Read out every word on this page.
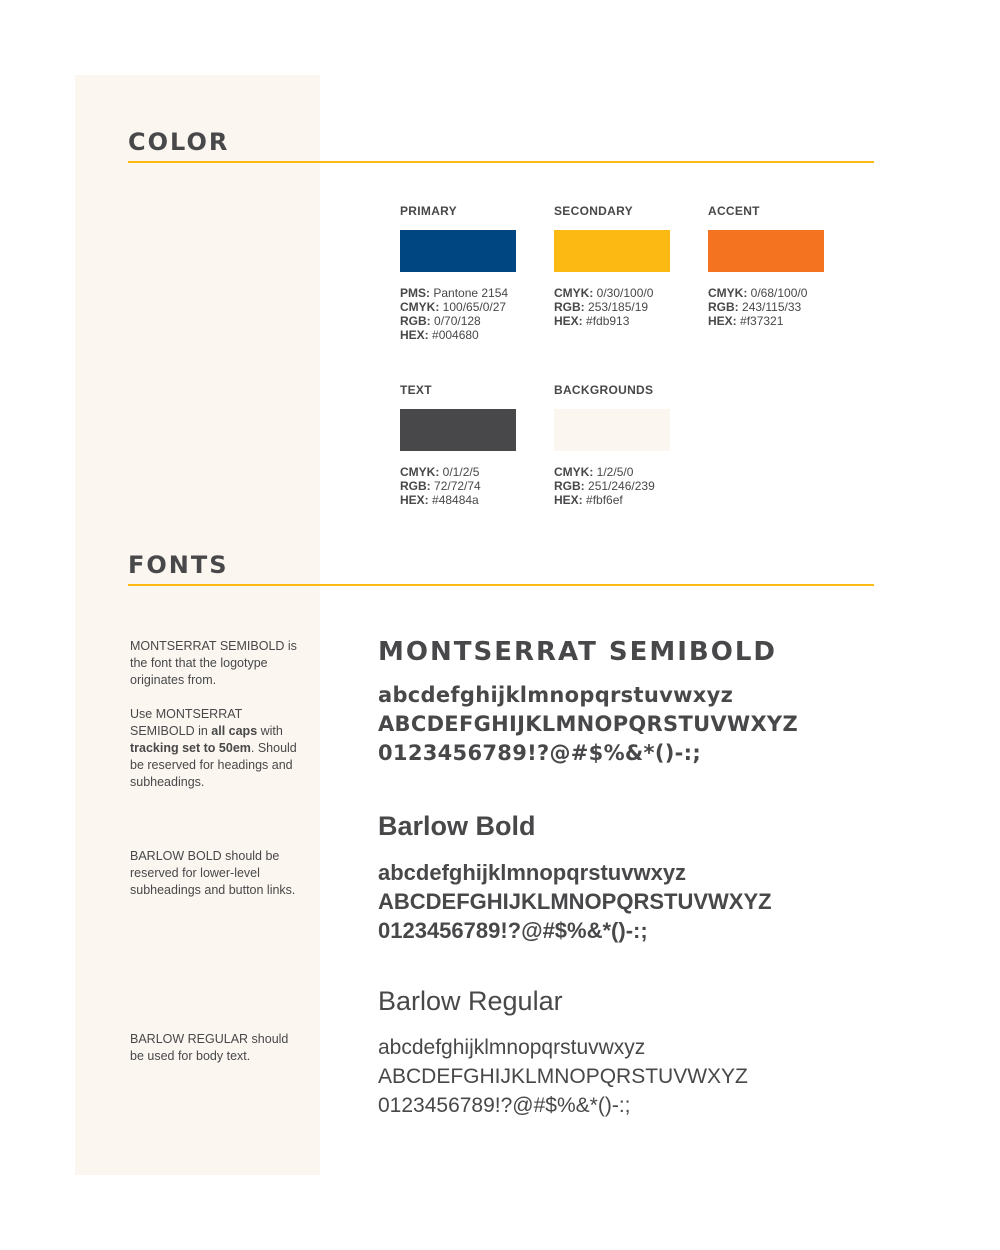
COLOR
PRIMARY

PMS: Pantone 2154

CMYK: 100/65/0/27

RGB: 0/70/128

HEX: #004680

SECONDARY

CMYK: 0/30/100/0

RGB: 253/185/19

HEX: #fdb913

ACCENT

CMYK: 0/68/100/0

RGB: 243/115/33

HEX: #f37321

TEXT

CMYK: 0/1/2/5

RGB: 72/72/74

HEX: #48484a

BACKGROUNDS

CMYK: 1/2/5/0

RGB: 251/246/239

HEX: #fbf6ef

FONTS

MONTSERRAT SEMIBOLD is the font that the logotype originates from.

Use MONTSERRAT SEMIBOLD in all caps with tracking set to 50em. Should be reserved for headings and subheadings.

BARLOW BOLD should be reserved for lower-level subheadings and button links.

BARLOW REGULAR should be used for body text.

MONTSERRAT SEMIBOLD

abcdefghijklmnopqrstuvwxyz

ABCDEFGHIJKLMNOPQRSTUVWXYZ

0123456789!?@#$%&*()-:;

Barlow Bold

abcdefghijklmnopqrstuvwxyz

ABCDEFGHIJKLMNOPQRSTUVWXYZ

0123456789!?@#$%&*()-:;

Barlow Regular

abcdefghijklmnopqrstuvwxyz

ABCDEFGHIJKLMNOPQRSTUVWXYZ

0123456789!?@#$%&*()-:;
